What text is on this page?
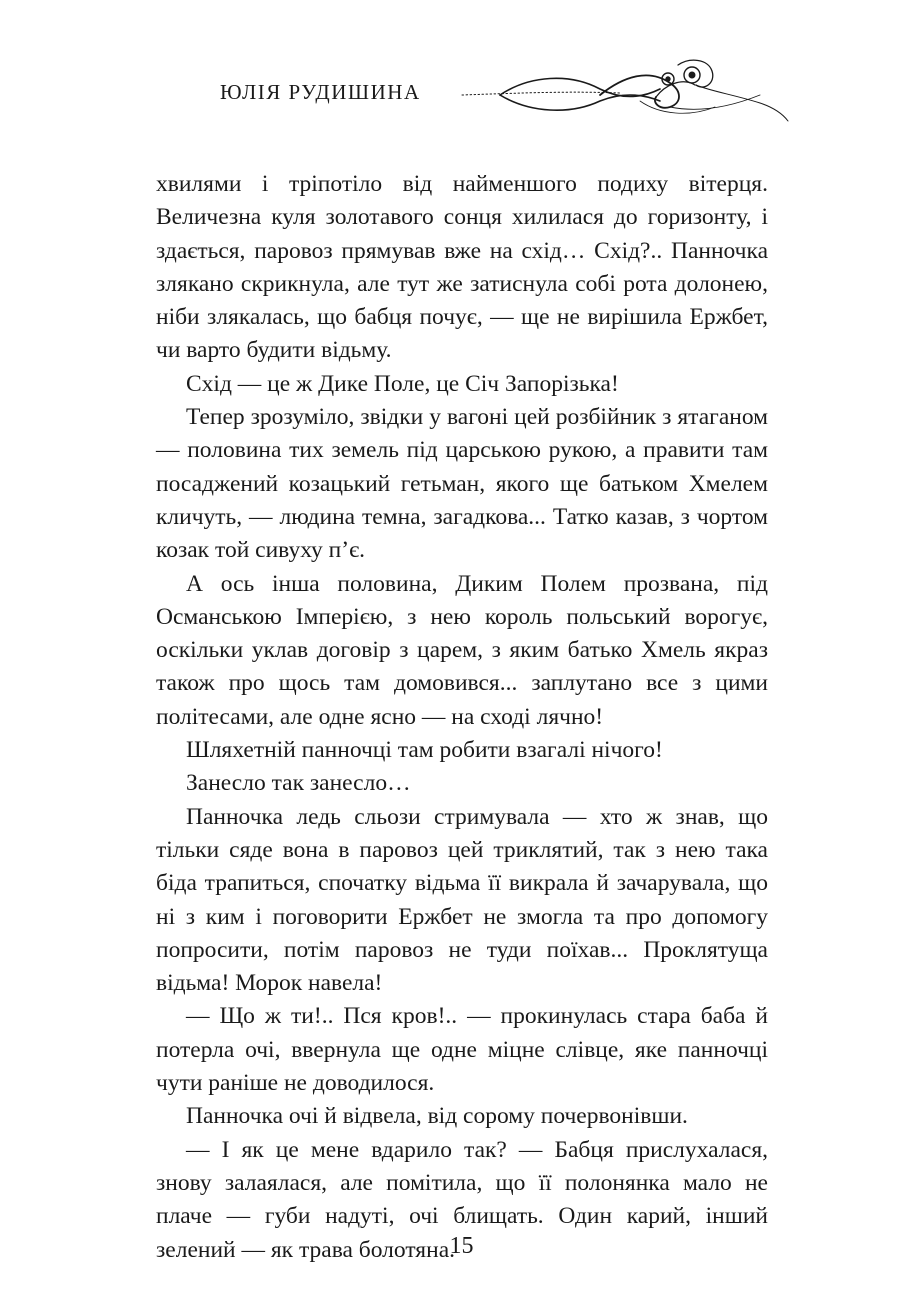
ЮЛІЯ РУДИШИНА

хвилями і тріпотіло від найменшого подиху вітерця. Величезна куля золотавого сонця хилилася до горизонту, і здається, паровоз прямував вже на схід… Схід?.. Панночка злякано скрикнула, але тут же затиснула собі рота долонею, ніби злякалась, що бабця почує, — ще не вирішила Ержбет, чи варто будити відьму.

Схід — це ж Дике Поле, це Січ Запорізька!

Тепер зрозуміло, звідки у вагоні цей розбійник з ятаганом — половина тих земель під царською рукою, а правити там посаджений козацький гетьман, якого ще батьком Хмелем кличуть, — людина темна, загадкова... Татко казав, з чортом козак той сивуху п’є.

А ось інша половина, Диким Полем прозвана, під Османською Імперією, з нею король польський ворогує, оскільки уклав договір з царем, з яким батько Хмель якраз також про щось там домовився... заплутано все з цими політесами, але одне ясно — на сході лячно!

Шляхетній панночці там робити взагалі нічого!

Занесло так занесло…

Панночка ледь сльози стримувала — хто ж знав, що тільки сяде вона в паровоз цей триклятий, так з нею така біда трапиться, спочатку відьма її викрала й зачарувала, що ні з ким і поговорити Ержбет не змогла та про допомогу попросити, потім паровоз не туди поїхав... Проклятуща відьма! Морок навела!

— Що ж ти!.. Пся кров!.. — прокинулась стара баба й потерла очі, ввернула ще одне міцне слівце, яке панночці чути раніше не доводилося.

Панночка очі й відвела, від сорому почервонівши.

— І як це мене вдарило так? — Бабця прислухалася, знову залаялася, але помітила, що її полонянка мало не плаче — губи надуті, очі блищать. Один карий, інший зелений — як трава болотяна.

15
